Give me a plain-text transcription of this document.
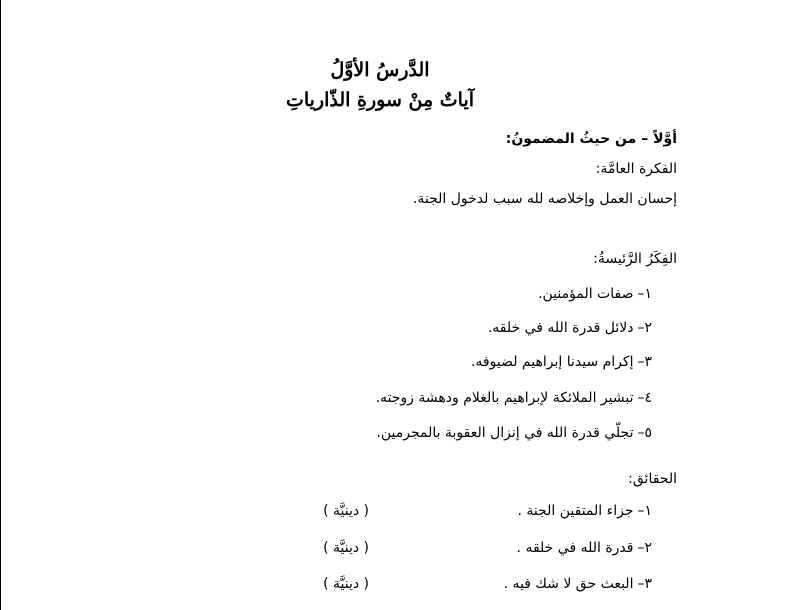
الدَّرسُ الأوَّلُ
آياتٌ مِنْ سورةِ الذّارياتِ
أوَّلاً – من حيثُ المضمونُ:
الفكرة العامَّة:
إحسان العمل وإخلاصه لله سبب لدخول الجنة.
الفِكَرُ الرَّئيسةُ:
١–صفات المؤمنين.
٢–دلائل قدرة الله في خلقه.
٣–إكرام سيدنا إبراهيم لضيوفه.
٤–تبشير الملائكة لإبراهيم بالغلام ودهشة زوجته.
٥–تجلّي قدرة الله في إنزال العقوبة بالمجرمين.
الحقائق:
١–جزاء المتقين الجنة .
( دينيَّة )
٢–قدرة الله في خلقه .
( دينيَّة )
٣–البعث حق لا شك فيه .
( دينيَّة )
